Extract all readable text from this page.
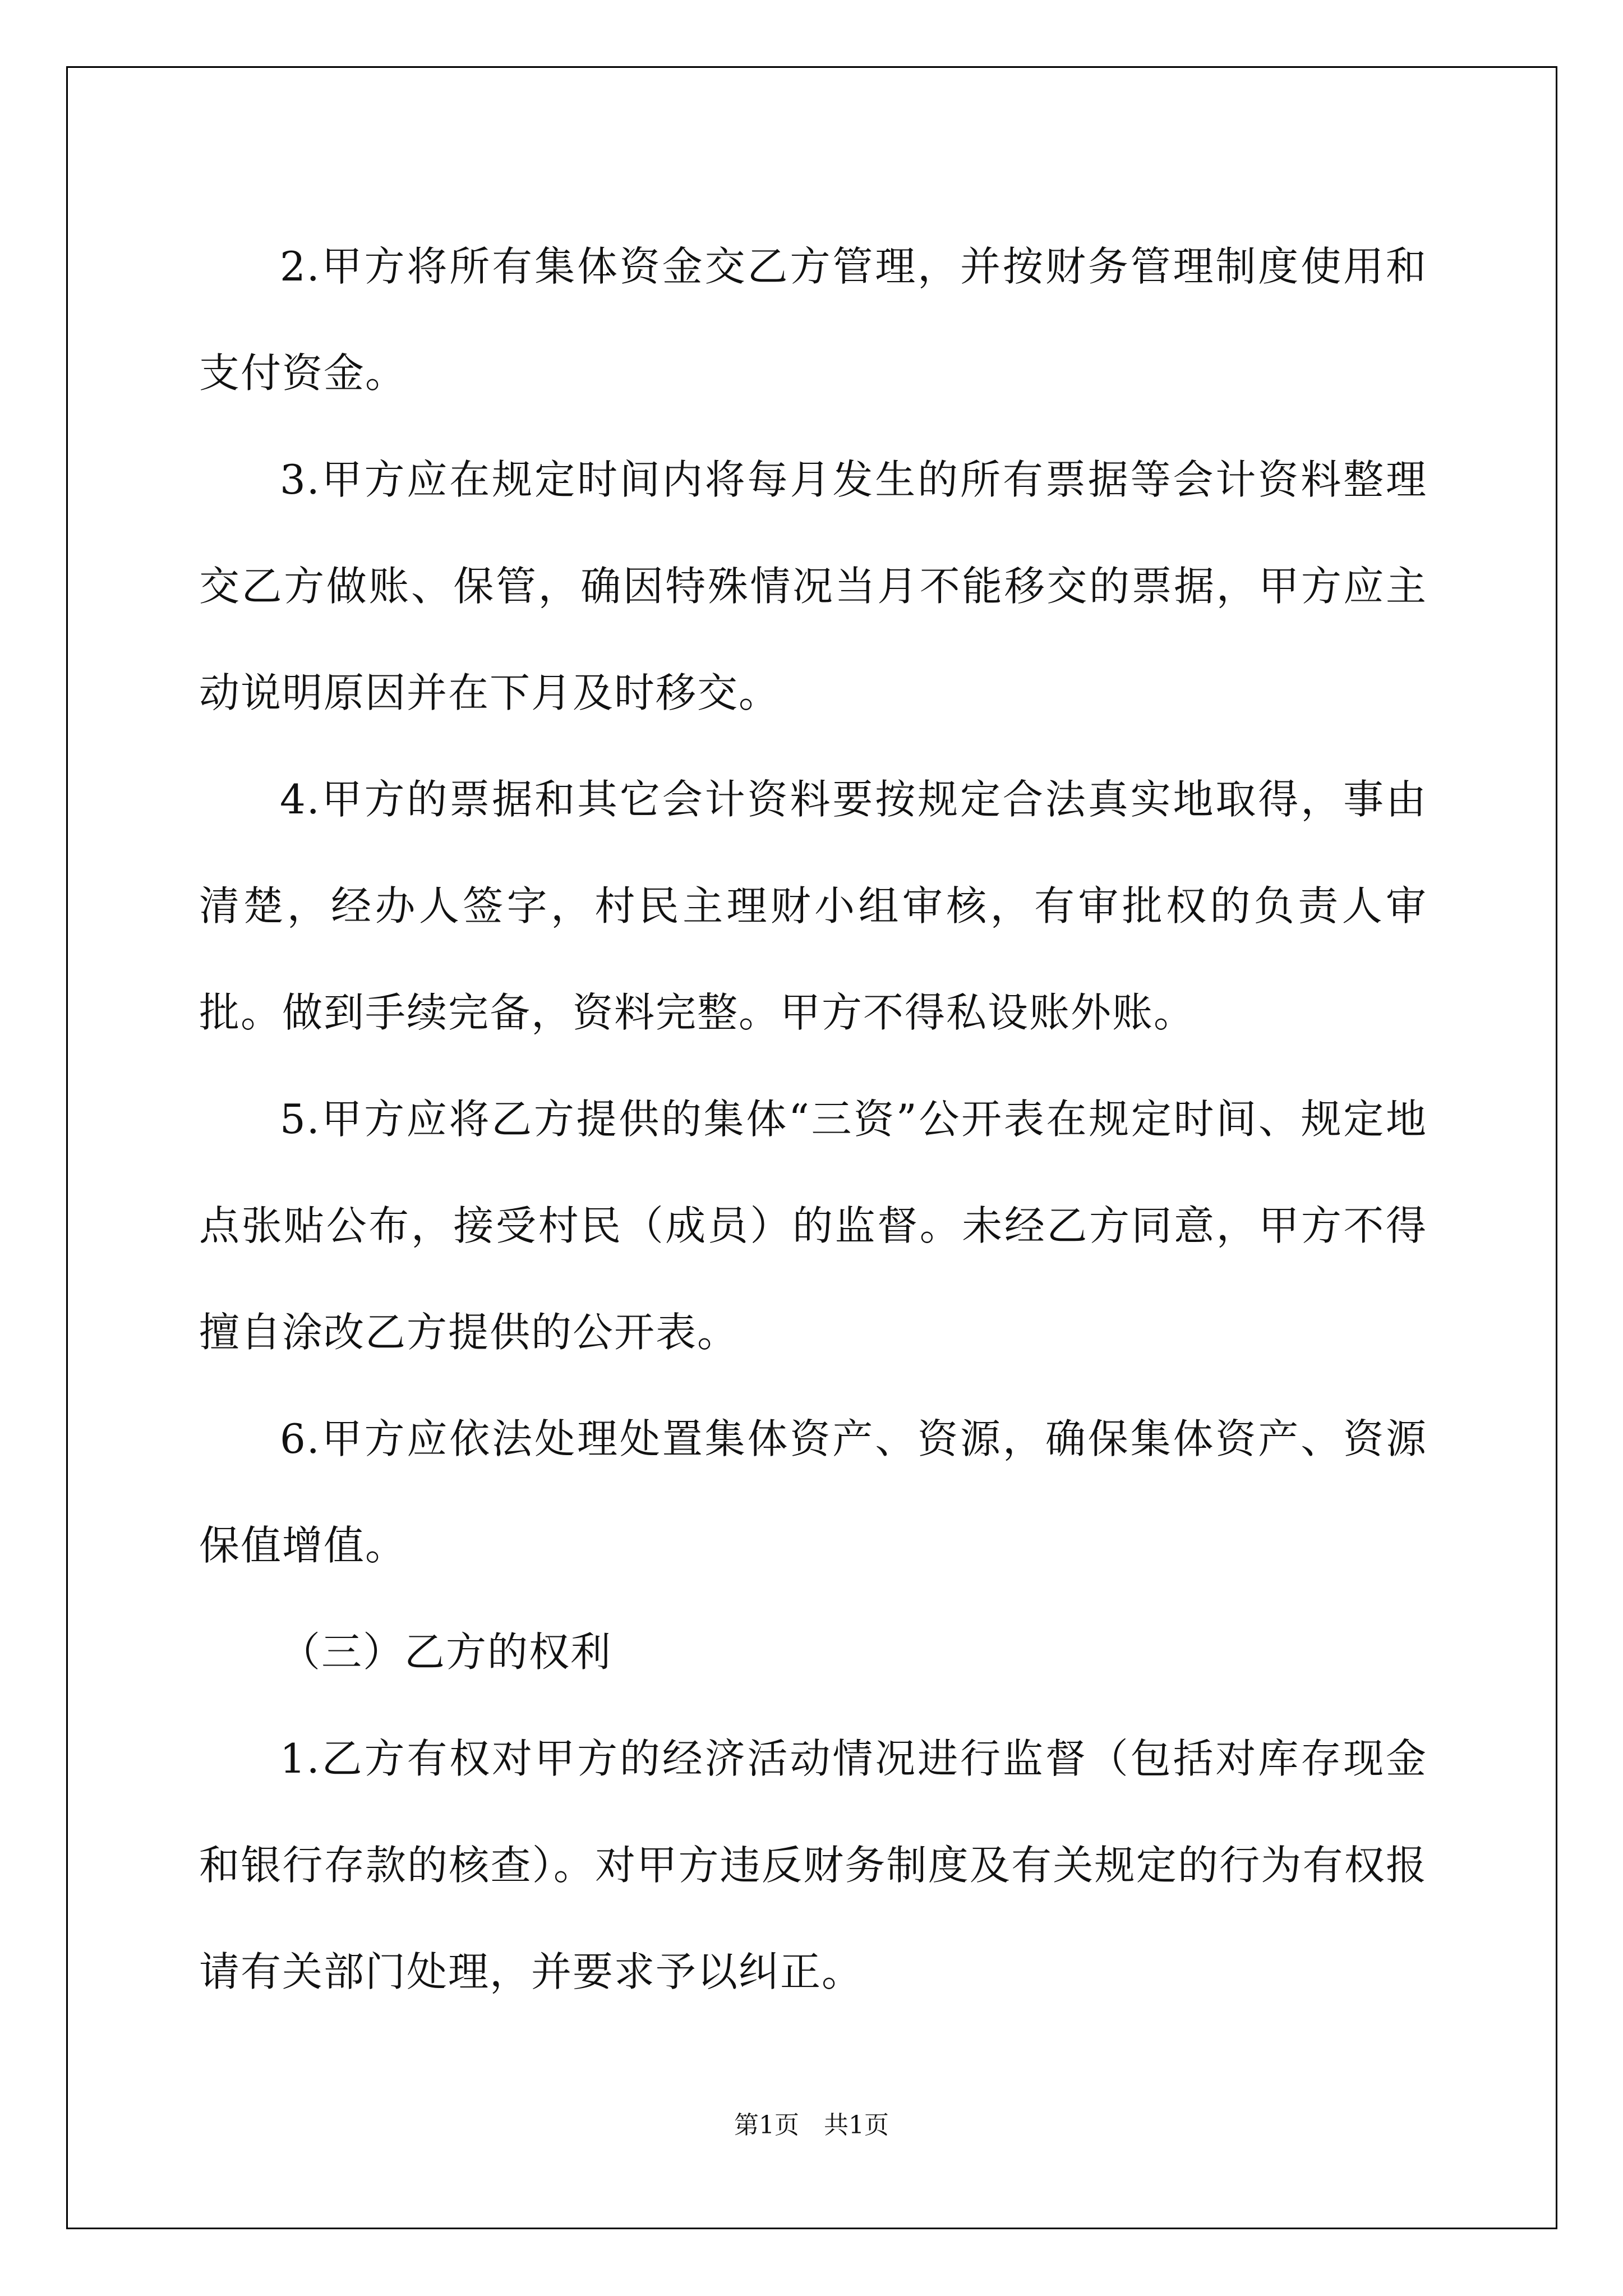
2.甲方将所有集体资金交乙方管理，并按财务管理制度使用和支付资金。

3.甲方应在规定时间内将每月发生的所有票据等会计资料整理交乙方做账、保管，确因特殊情况当月不能移交的票据，甲方应主动说明原因并在下月及时移交。

4.甲方的票据和其它会计资料要按规定合法真实地取得，事由清楚，经办人签字，村民主理财小组审核，有审批权的负责人审批。做到手续完备，资料完整。甲方不得私设账外账。

5.甲方应将乙方提供的集体“三资”公开表在规定时间、规定地点张贴公布，接受村民（成员）的监督。未经乙方同意，甲方不得擅自涂改乙方提供的公开表。

6.甲方应依法处理处置集体资产、资源，确保集体资产、资源保值增值。

（三）乙方的权利

1.乙方有权对甲方的经济活动情况进行监督（包括对库存现金和银行存款的核查）。对甲方违反财务制度及有关规定的行为有权报请有关部门处理，并要求予以纠正。

第1页 共1页
